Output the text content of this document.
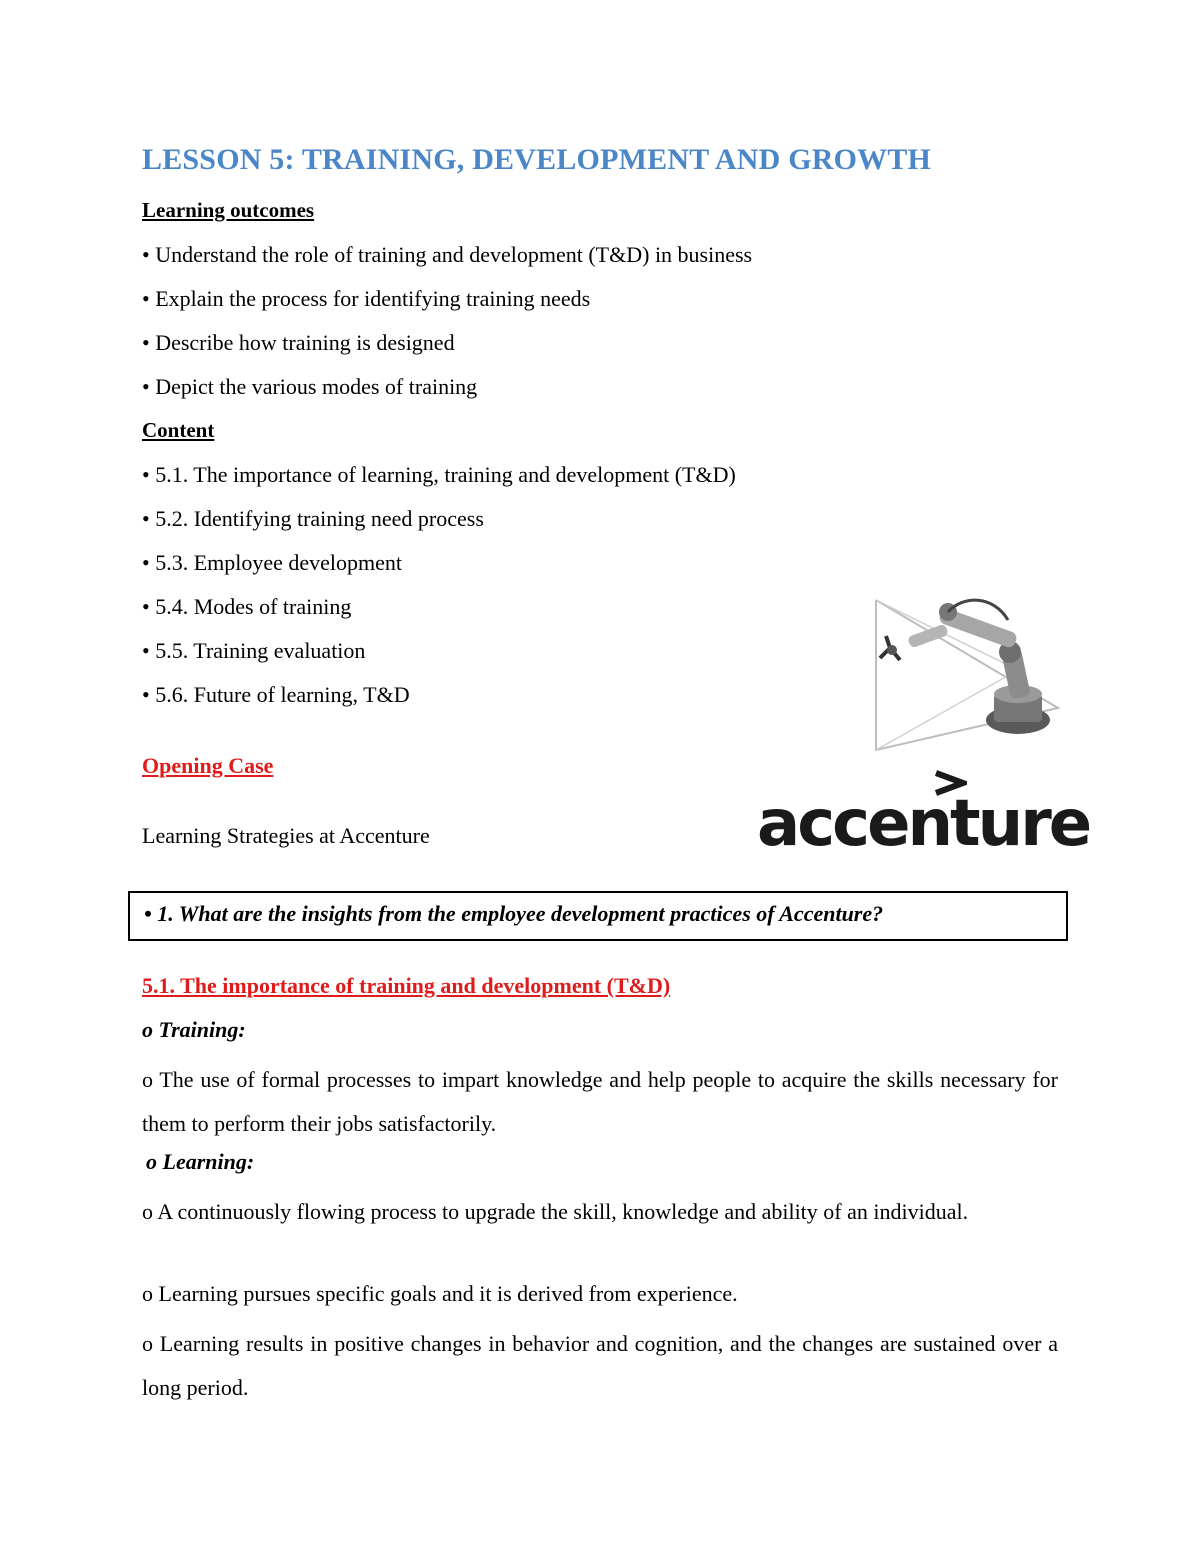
LESSON 5: TRAINING, DEVELOPMENT AND GROWTH
Learning outcomes
• Understand the role of training and development (T&D) in business
• Explain the process for identifying training needs
• Describe how training is designed
• Depict the various modes of training
Content
• 5.1. The importance of learning, training and development (T&D)
• 5.2. Identifying training need process
• 5.3. Employee development
• 5.4. Modes of training
• 5.5. Training evaluation
• 5.6. Future of learning, T&D
Opening Case
Learning Strategies at Accenture	accenture
• 1. What are the insights from the employee development practices of Accenture?
5.1. The importance of training and development (T&D)
o Training:
o The use of formal processes to impart knowledge and help people to acquire the skills necessary for them to perform their jobs satisfactorily.
o Learning:
o A continuously flowing process to upgrade the skill, knowledge and ability of an individual.
o Learning pursues specific goals and it is derived from experience.
o Learning results in positive changes in behavior and cognition, and the changes are sustained over a long period.
